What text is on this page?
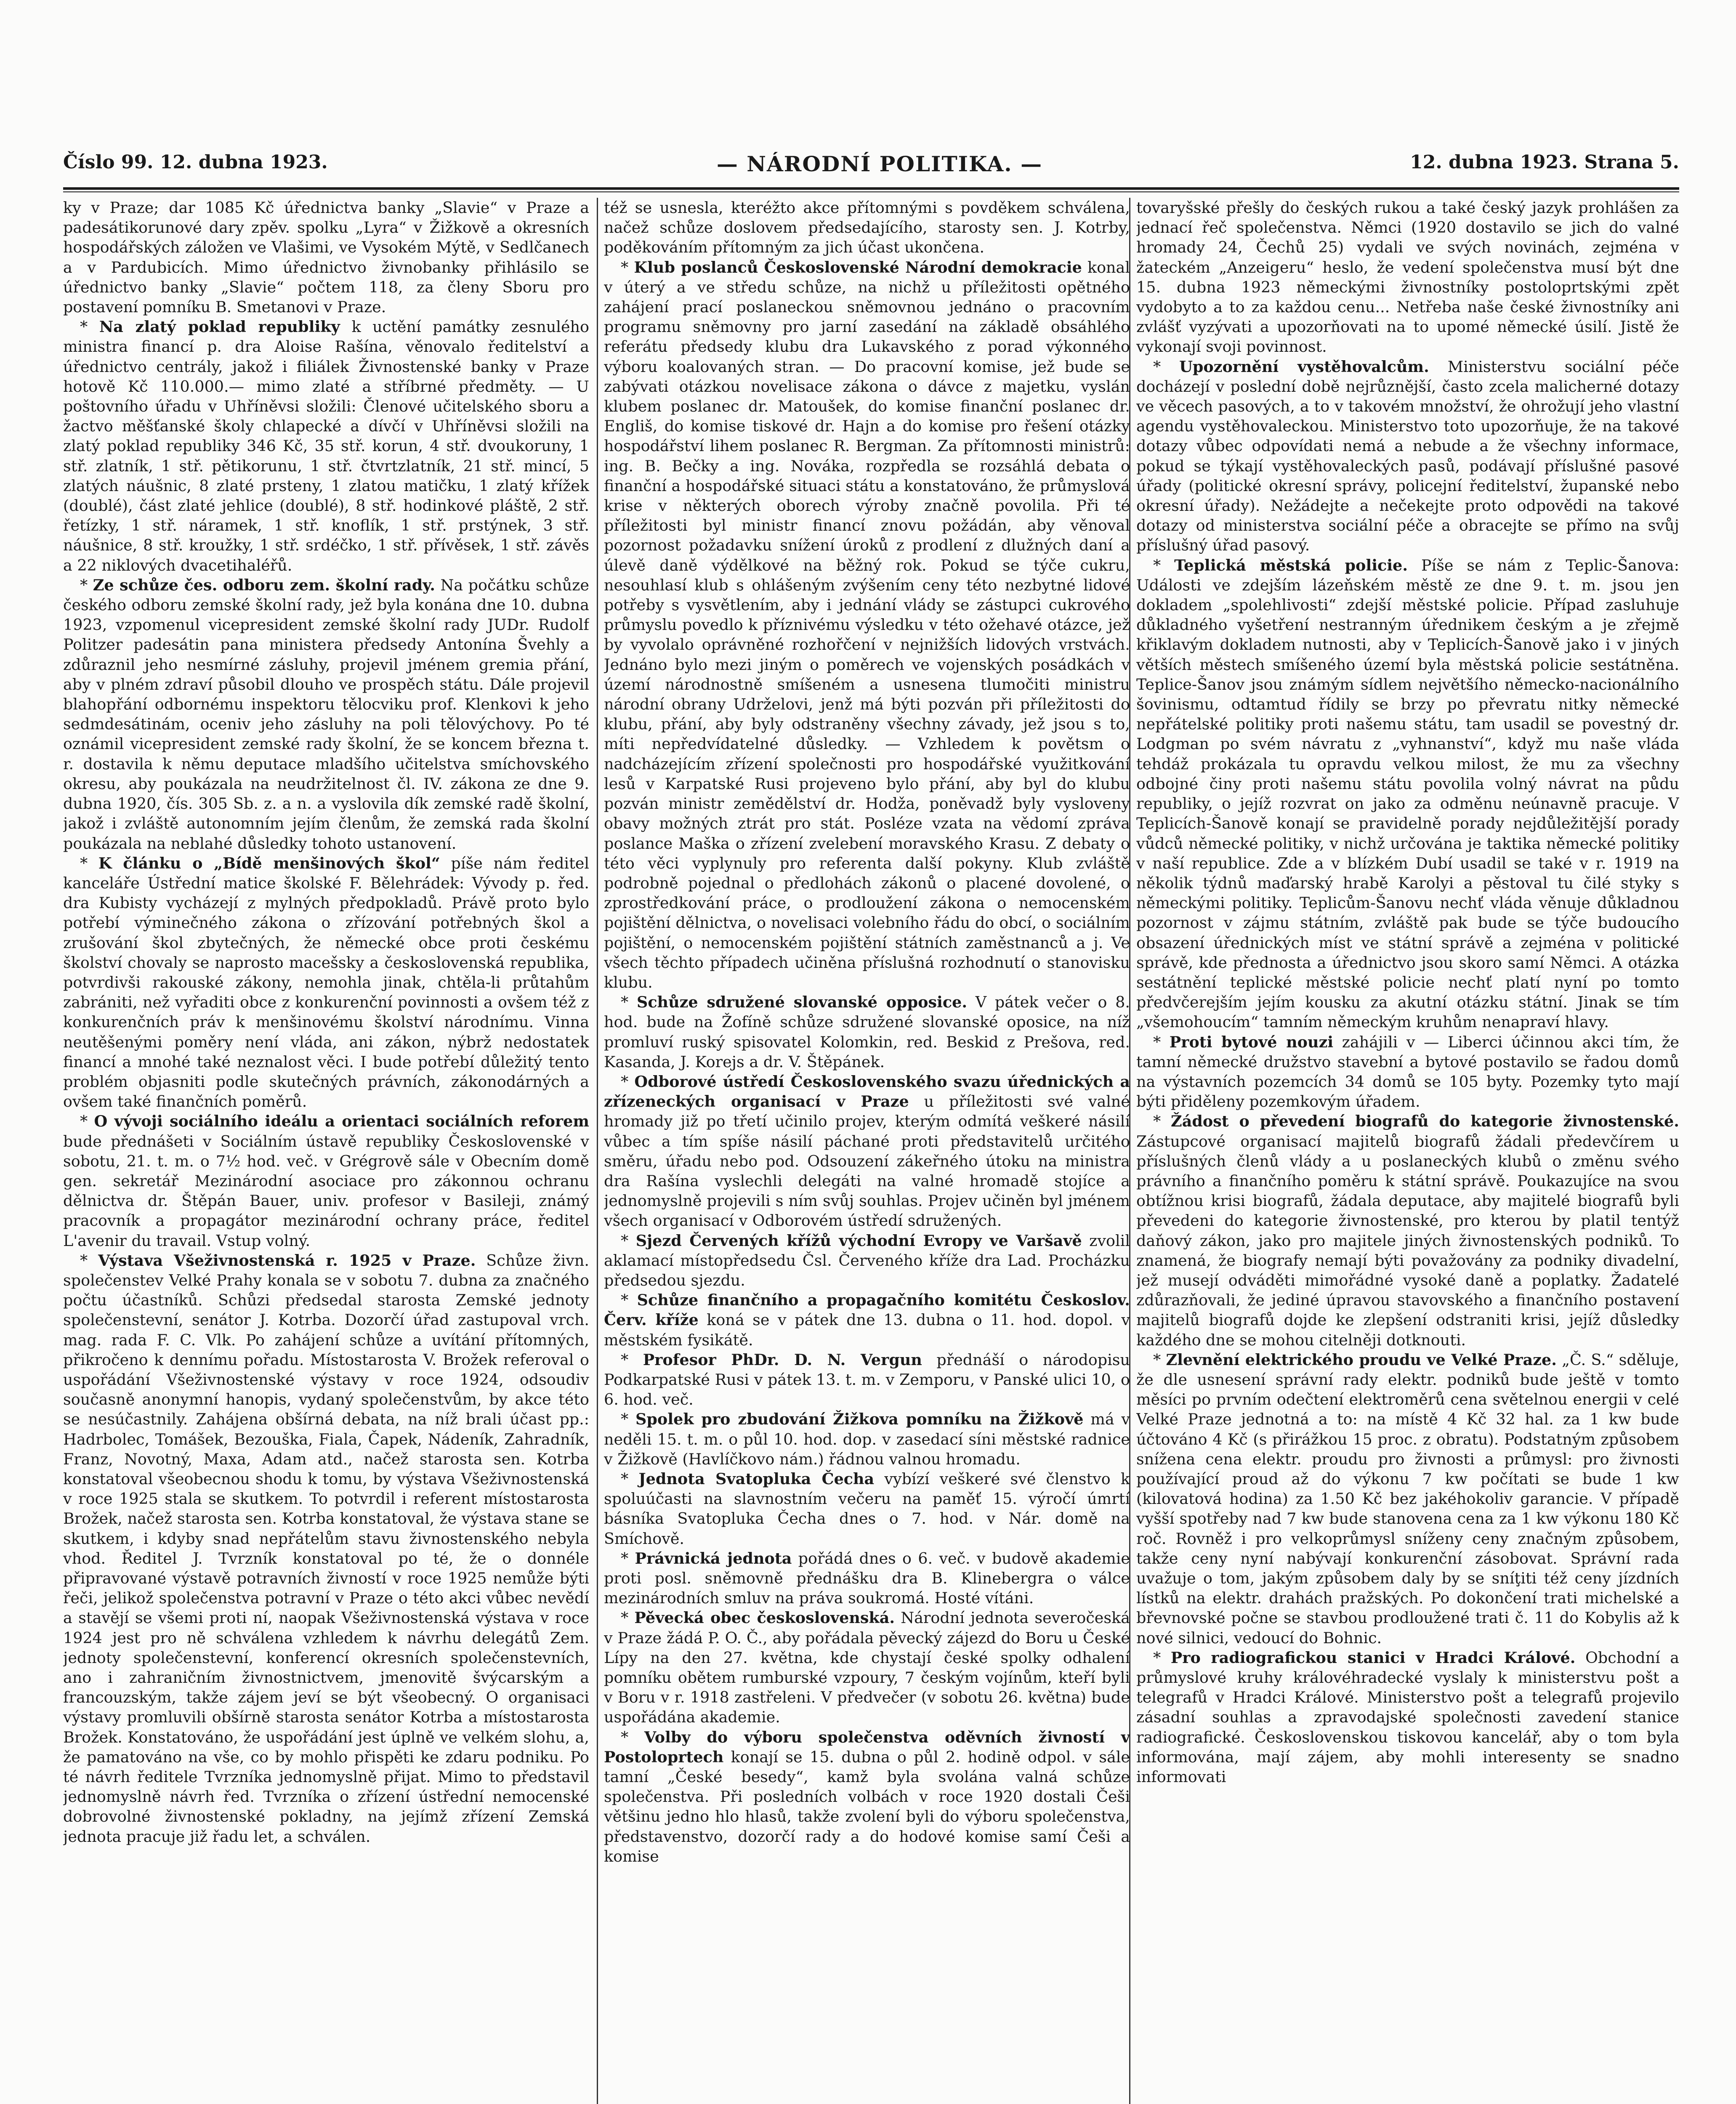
Číslo 99. 12. dubna 1923.	— NÁRODNÍ POLITIKA. —	12. dubna 1923. Strana 5.

ky v Praze; dar 1085 Kč úřednictva banky „Slavie“ v Praze a padesátikorunové dary zpěv. spolku „Lyra“ v Žižkově a okresních hospodářských záložen ve Vlašimi, ve Vysokém Mýtě, v Sedlčanech a v Pardubicích. Mimo úřednictvo živnobanky přihlásilo se úřednictvo banky „Slavie“ počtem 118, za členy Sboru pro postavení pomníku B. Smetanovi v Praze.

* Na zlatý poklad republiky k uctění památky zesnulého ministra financí p. dra Aloise Rašína, věnovalo ředitelství a úřednictvo centrály, jakož i filiálek Živnostenské banky v Praze hotově Kč 110.000.— mimo zlaté a stříbrné předměty. — U poštovního úřadu v Uhříněvsi složili: Členové učitelského sboru a žactvo měšťanské školy chlapecké a dívčí v Uhříněvsi složili na zlatý poklad republiky 346 Kč, 35 stř. korun, 4 stř. dvoukoruny, 1 stř. zlatník, 1 stř. pětikorunu, 1 stř. čtvrtzlatník, 21 stř. mincí, 5 zlatých náušnic, 8 zlaté prsteny, 1 zlatou matičku, 1 zlatý křížek (doublé), část zlaté jehlice (doublé), 8 stř. hodinkové pláště, 2 stř. řetízky, 1 stř. náramek, 1 stř. knoflík, 1 stř. prstýnek, 3 stř. náušnice, 8 stř. kroužky, 1 stř. srdéčko, 1 stř. přívěsek, 1 stř. závěs a 22 niklových dvacetihaléřů.

* Ze schůze čes. odboru zem. školní rady. Na počátku schůze českého odboru zemské školní rady, jež byla konána dne 10. dubna 1923, vzpomenul vicepresident zemské školní rady JUDr. Rudolf Politzer padesátin pana ministera předsedy Antonína Švehly a zdůraznil jeho nesmírné zásluhy, projevil jménem gremia přání, aby v plném zdraví působil dlouho ve prospěch státu. Dále projevil blahopřání odbornému inspektoru tělocviku prof. Klenkovi k jeho sedmdesátinám, oceniv jeho zásluhy na poli tělovýchovy. Po té oznámil vicepresident zemské rady školní, že se koncem března t. r. dostavila k němu deputace mladšího učitelstva smíchovského okresu, aby poukázala na neudržitelnost čl. IV. zákona ze dne 9. dubna 1920, čís. 305 Sb. z. a n. a vyslovila dík zemské radě školní, jakož i zvláště autonomním jejím členům, že zemská rada školní poukázala na neblahé důsledky tohoto ustanovení.

* K článku o „Bídě menšinových škol“ píše nám ředitel kanceláře Ústřední matice školské F. Bělehrádek: Vývody p. řed. dra Kubisty vycházejí z mylných předpokladů. Právě proto bylo potřebí výminečného zákona o zřízování potřebných škol a zrušování škol zbytečných, že německé obce proti českému školství chovaly se naprosto macešsky a československá republika, potvrdivši rakouské zákony, nemohla jinak, chtěla-li průtahům zabrániti, než vyřaditi obce z konkurenční povinnosti a ovšem též z konkurenčních práv k menšinovému školství národnímu. Vinna neutěšenými poměry není vláda, ani zákon, nýbrž nedostatek financí a mnohé také neznalost věci. I bude potřebí důležitý tento problém objasniti podle skutečných právních, zákonodárných a ovšem také finančních poměrů.

* O vývoji sociálního ideálu a orientaci sociálních reforem bude přednášeti v Sociálním ústavě republiky Československé v sobotu, 21. t. m. o 7½ hod. več. v Grégrově sále v Obecním domě gen. sekretář Mezinárodní asociace pro zákonnou ochranu dělnictva dr. Štěpán Bauer, univ. profesor v Basileji, známý pracovník a propagátor mezinárodní ochrany práce, ředitel L'avenir du travail. Vstup volný.

* Výstava Všeživnostenská r. 1925 v Praze. Schůze živn. společenstev Velké Prahy konala se v sobotu 7. dubna za značného počtu účastníků. Schůzi předsedal starosta Zemské jednoty společenstevní, senátor J. Kotrba. Dozorčí úřad zastupoval vrch. mag. rada F. C. Vlk. Po zahájení schůze a uvítání přítomných, přikročeno k dennímu pořadu. Místostarosta V. Brožek referoval o uspořádání Všeživnostenské výstavy v roce 1924, odsoudiv současně anonymní hanopis, vydaný společenstvům, by akce této se nesúčastnily. Zahájena obšírná debata, na níž brali účast pp.: Hadrbolec, Tomášek, Bezouška, Fiala, Čapek, Nádeník, Zahradník, Franz, Novotný, Maxa, Adam atd., načež starosta sen. Kotrba konstatoval všeobecnou shodu k tomu, by výstava Všeživnostenská v roce 1925 stala se skutkem. To potvrdil i referent místostarosta Brožek, načež starosta sen. Kotrba konstatoval, že výstava stane se skutkem, i kdyby snad nepřátelům stavu živnostenského nebyla vhod. Ředitel J. Tvrzník konstatoval po té, že o donnéle připravované výstavě potravních živností v roce 1925 nemůže býti řeči, jelikož společenstva potravní v Praze o této akci vůbec nevědí a stavějí se všemi proti ní, naopak Všeživnostenská výstava v roce 1924 jest pro ně schválena vzhledem k návrhu delegátů Zem. jednoty společenstevní, konferencí okresních společenstevních, ano i zahraničním živnostnictvem, jmenovitě švýcarským a francouzským, takže zájem jeví se být všeobecný. O organisaci výstavy promluvili obšírně starosta senátor Kotrba a místostarosta Brožek. Konstatováno, že uspořádání jest úplně ve velkém slohu, a, že pamatováno na vše, co by mohlo přispěti ke zdaru podniku. Po té návrh ředitele Tvrzníka jednomyslně přijat. Mimo to představil jednomyslně návrh řed. Tvrzníka o zřízení ústřední nemocenské dobrovolné živnostenské pokladny, na jejímž zřízení Zemská jednota pracuje již řadu let, a schválen.

též se usnesla, kteréžto akce přítomnými s povděkem schválena, načež schůze doslovem předsedajícího, starosty sen. J. Kotrby, poděkováním přítomným za jich účast ukončena.

* Klub poslanců Československé Národní demokracie konal v úterý a ve středu schůze, na nichž u příležitosti opětného zahájení prací poslaneckou sněmovnou jednáno o pracovním programu sněmovny pro jarní zasedání na základě obsáhlého referátu předsedy klubu dra Lukavského z porad výkonného výboru koalovaných stran. — Do pracovní komise, jež bude se zabývati otázkou novelisace zákona o dávce z majetku, vyslán klubem poslanec dr. Matoušek, do komise finanční poslanec dr. Engliš, do komise tiskové dr. Hajn a do komise pro řešení otázky hospodářství lihem poslanec R. Bergman. Za přítomnosti ministrů: ing. B. Bečky a ing. Nováka, rozpředla se rozsáhlá debata o finanční a hospodářské situaci státu a konstatováno, že průmyslová krise v některých oborech výroby značně povolila. Při té příležitosti byl ministr financí znovu požádán, aby věnoval pozornost požadavku snížení úroků z prodlení z dlužných daní a úlevě daně výdělkové na běžný rok. Pokud se týče cukru, nesouhlasí klub s ohlášeným zvýšením ceny této nezbytné lidové potřeby s vysvětlením, aby i jednání vlády se zástupci cukrového průmyslu povedlo k příznivému výsledku v této ožehavé otázce, jež by vyvolalo oprávněné rozhořčení v nejnižších lidových vrstvách. Jednáno bylo mezi jiným o poměrech ve vojenských posádkách v území národnostně smíšeném a usnesena tlumočiti ministru národní obrany Udrželovi, jenž má býti pozván při příležitosti do klubu, přání, aby byly odstraněny všechny závady, jež jsou s to, míti nepředvídatelné důsledky. — Vzhledem k povětsm o nadcházejícím zřízení společnosti pro hospodářské využitkování lesů v Karpatské Rusi projeveno bylo přání, aby byl do klubu pozván ministr zemědělství dr. Hodža, poněvadž byly vysloveny obavy možných ztrát pro stát. Posléze vzata na vědomí zpráva poslance Maška o zřízení zvelebení moravského Krasu. Z debaty o této věci vyplynuly pro referenta další pokyny. Klub zvláště podrobně pojednal o předlohách zákonů o placené dovolené, o zprostředkování práce, o prodloužení zákona o nemocenském pojištění dělnictva, o novelisaci volebního řádu do obcí, o sociálním pojištění, o nemocenském pojištění státních zaměstnanců a j. Ve všech těchto případech učiněna příslušná rozhodnutí o stanovisku klubu.

* Schůze sdružené slovanské opposice. V pátek večer o 8. hod. bude na Žofíně schůze sdružené slovanské oposice, na níž promluví ruský spisovatel Kolomkin, red. Beskid z Prešova, red. Kasanda, J. Korejs a dr. V. Štěpánek.

* Odborové ústředí Československého svazu úřednických a zřízeneckých organisací v Praze u příležitosti své valné hromady již po třetí učinilo projev, kterým odmítá veškeré násilí vůbec a tím spíše násilí páchané proti představitelů určitého směru, úřadu nebo pod. Odsouzení zákeřného útoku na ministra dra Rašína vyslechli delegáti na valné hromadě stojíce a jednomyslně projevili s ním svůj souhlas. Projev učiněn byl jménem všech organisací v Odborovém ústředí sdružených.

* Sjezd Červených křížů východní Evropy ve Varšavě zvolil aklamací místopředsedu Čsl. Červeného kříže dra Lad. Procházku předsedou sjezdu.

* Schůze finančního a propagačního komitétu Českoslov. Červ. kříže koná se v pátek dne 13. dubna o 11. hod. dopol. v městském fysikátě.

* Profesor PhDr. D. N. Vergun přednáší o národopisu Podkarpatské Rusi v pátek 13. t. m. v Zemporu, v Panské ulici 10, o 6. hod. več.

* Spolek pro zbudování Žižkova pomníku na Žižkově má v neděli 15. t. m. o půl 10. hod. dop. v zasedací síni městské radnice v Žižkově (Havlíčkovo nám.) řádnou valnou hromadu.

* Jednota Svatopluka Čecha vybízí veškeré své členstvo k spoluúčasti na slavnostním večeru na paměť 15. výročí úmrtí básníka Svatopluka Čecha dnes o 7. hod. v Nár. domě na Smíchově.

* Právnická jednota pořádá dnes o 6. več. v budově akademie proti posl. sněmovně přednášku dra B. Klinebergra o válce mezinárodních smluv na práva soukromá. Hosté vítáni.

* Pěvecká obec československá. Národní jednota severočeská v Praze žádá P. O. Č., aby pořádala pěvecký zájezd do Boru u České Lípy na den 27. května, kde chystají české spolky odhalení pomníku obětem rumburské vzpoury, 7 českým vojínům, kteří byli v Boru v r. 1918 zastřeleni. V předvečer (v sobotu 26. května) bude uspořádána akademie.

* Volby do výboru společenstva oděvních živností v Postoloprtech konají se 15. dubna o půl 2. hodině odpol. v sále tamní „České besedy“, kamž byla svolána valná schůze společenstva. Při posledních volbách v roce 1920 dostali Češi většinu jedno hlo hlasů, takže zvolení byli do výboru společenstva, představenstvo, dozorčí rady a do hodové komise samí Češi a komise

tovaryšské přešly do českých rukou a také český jazyk prohlášen za jednací řeč společenstva. Němci (1920 dostavilo se jich do valné hromady 24, Čechů 25) vydali ve svých novinách, zejména v žateckém „Anzeigeru“ heslo, že vedení společenstva musí být dne 15. dubna 1923 německými živnostníky postoloprtskými zpět vydobyto a to za každou cenu... Netřeba naše české živnostníky ani zvlášť vyzývati a upozorňovati na to upomé německé úsilí. Jistě že vykonají svoji povinnost.

* Upozornění vystěhovalcům. Ministerstvu sociální péče docházejí v poslední době nejrůznější, často zcela malicherné dotazy ve věcech pasových, a to v takovém množství, že ohrožují jeho vlastní agendu vystěhovaleckou. Ministerstvo toto upozorňuje, že na takové dotazy vůbec odpovídati nemá a nebude a že všechny informace, pokud se týkají vystěhovaleckých pasů, podávají příslušné pasové úřady (politické okresní správy, policejní ředitelství, županské nebo okresní úřady). Nežádejte a nečekejte proto odpovědi na takové dotazy od ministerstva sociální péče a obracejte se přímo na svůj příslušný úřad pasový.

* Teplická městská policie. Píše se nám z Teplic-Šanova: Události ve zdejším lázeňském městě ze dne 9. t. m. jsou jen dokladem „spolehlivosti“ zdejší městské policie. Případ zasluhuje důkladného vyšetření nestranným úřednikem českým a je zřejmě křiklavým dokladem nutnosti, aby v Teplicích-Šanově jako i v jiných větších městech smíšeného území byla městská policie sestátněna. Teplice-Šanov jsou známým sídlem největšího německo-nacionálního šovinismu, odtamtud řídily se brzy po převratu nitky německé nepřátelské politiky proti našemu státu, tam usadil se povestný dr. Lodgman po svém návratu z „vyhnanství“, když mu naše vláda tehdáž prokázala tu opravdu velkou milost, že mu za všechny odbojné činy proti našemu státu povolila volný návrat na půdu republiky, o jejíž rozvrat on jako za odměnu neúnavně pracuje. V Teplicích-Šanově konají se pravidelně porady nejdůležitější porady vůdců německé politiky, v nichž určována je taktika německé politiky v naší republice. Zde a v blízkém Dubí usadil se také v r. 1919 na několik týdnů maďarský hrabě Karolyi a pěstoval tu čilé styky s německými politiky. Teplicům-Šanovu nechť vláda věnuje důkladnou pozornost v zájmu státním, zvláště pak bude se týče budoucího obsazení úřednických míst ve státní správě a zejména v politické správě, kde přednosta a úřednictvo jsou skoro samí Němci. A otázka sestátnění teplické městské policie nechť platí nyní po tomto předvčerejším jejím kousku za akutní otázku státní. Jinak se tím „všemohoucím“ tamním německým kruhům nenapraví hlavy.

* Proti bytové nouzi zahájili v — Liberci účinnou akci tím, že tamní německé družstvo stavební a bytové postavilo se řadou domů na výstavních pozemcích 34 domů se 105 byty. Pozemky tyto mají býti přiděleny pozemkovým úřadem.

* Žádost o převedení biografů do kategorie živnostenské. Zástupcové organisací majitelů biografů žádali předevčírem u příslušných členů vlády a u poslaneckých klubů o změnu svého právního a finančního poměru k státní správě. Poukazujíce na svou obtížnou krisi biografů, žádala deputace, aby majitelé biografů byli převedeni do kategorie živnostenské, pro kterou by platil tentýž daňový zákon, jako pro majitele jiných živnostenských podniků. To znamená, že biografy nemají býti považovány za podniky divadelní, jež musejí odváděti mimořádné vysoké daně a poplatky. Žadatelé zdůrazňovali, že jediné úpravou stavovského a finančního postavení majitelů biografů dojde ke zlepšení odstraniti krisi, jejíž důsledky každého dne se mohou citelněji dotknouti.

* Zlevnění elektrického proudu ve Velké Praze. „Č. S.“ sděluje, že dle usnesení správní rady elektr. podniků bude ještě v tomto měsíci po prvním odečtení elektroměrů cena světelnou energii v celé Velké Praze jednotná a to: na místě 4 Kč 32 hal. za 1 kw bude účtováno 4 Kč (s přirážkou 15 proc. z obratu). Podstatným způsobem snížena cena elektr. proudu pro živnosti a průmysl: pro živnosti používající proud až do výkonu 7 kw počítati se bude 1 kw (kilovatová hodina) za 1.50 Kč bez jakéhokoliv garancie. V případě vyšší spotřeby nad 7 kw bude stanovena cena za 1 kw výkonu 180 Kč roč. Rovněž i pro velkoprůmysl sníženy ceny značným způsobem, takže ceny nyní nabývají konkurenční zásobovat. Správní rada uvažuje o tom, jakým způsobem daly by se sníţiti též ceny jízdních lístků na elektr. drahách pražských. Po dokončení trati michelské a břevnovské počne se stavbou prodloužené trati č. 11 do Kobylis až k nové silnici, vedoucí do Bohnic.

* Pro radiografickou stanici v Hradci Králové. Obchodní a průmyslové kruhy královéhradecké vyslaly k ministerstvu pošt a telegrafů v Hradci Králové. Ministerstvo pošt a telegrafů projevilo zásadní souhlas a zpravodajské společnosti zavedení stanice radiografické. Československou tiskovou kancelář, aby o tom byla informována, mají zájem, aby mohli interesenty se snadno informovati
